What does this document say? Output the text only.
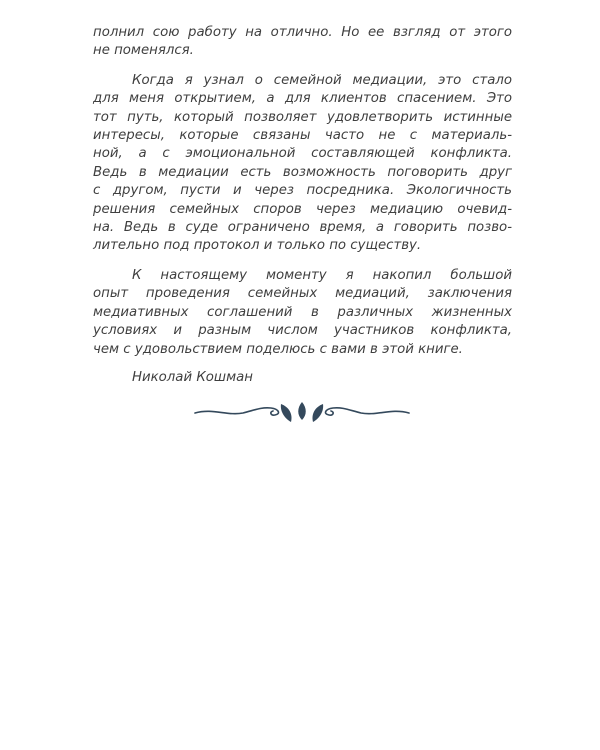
полнил сою работу на отлично. Но ее взгляд от этого
не поменялся.
Когда я узнал о семейной медиации, это стало
для меня открытием, а для клиентов спасением. Это
тот путь, который позволяет удовлетворить истинные
интересы, которые связаны часто не с материаль-
ной, а с эмоциональной составляющей конфликта.
Ведь в медиации есть возможность поговорить друг
с другом, пусти и через посредника. Экологичность
решения семейных споров через медиацию очевид-
на. Ведь в суде ограничено время, а говорить позво-
лительно под протокол и только по существу.
К настоящему моменту я накопил большой
опыт проведения семейных медиаций, заключения
медиативных соглашений в различных жизненных
условиях и разным числом участников конфликта,
чем с удовольствием поделюсь с вами в этой книге.
Николай Кошман
